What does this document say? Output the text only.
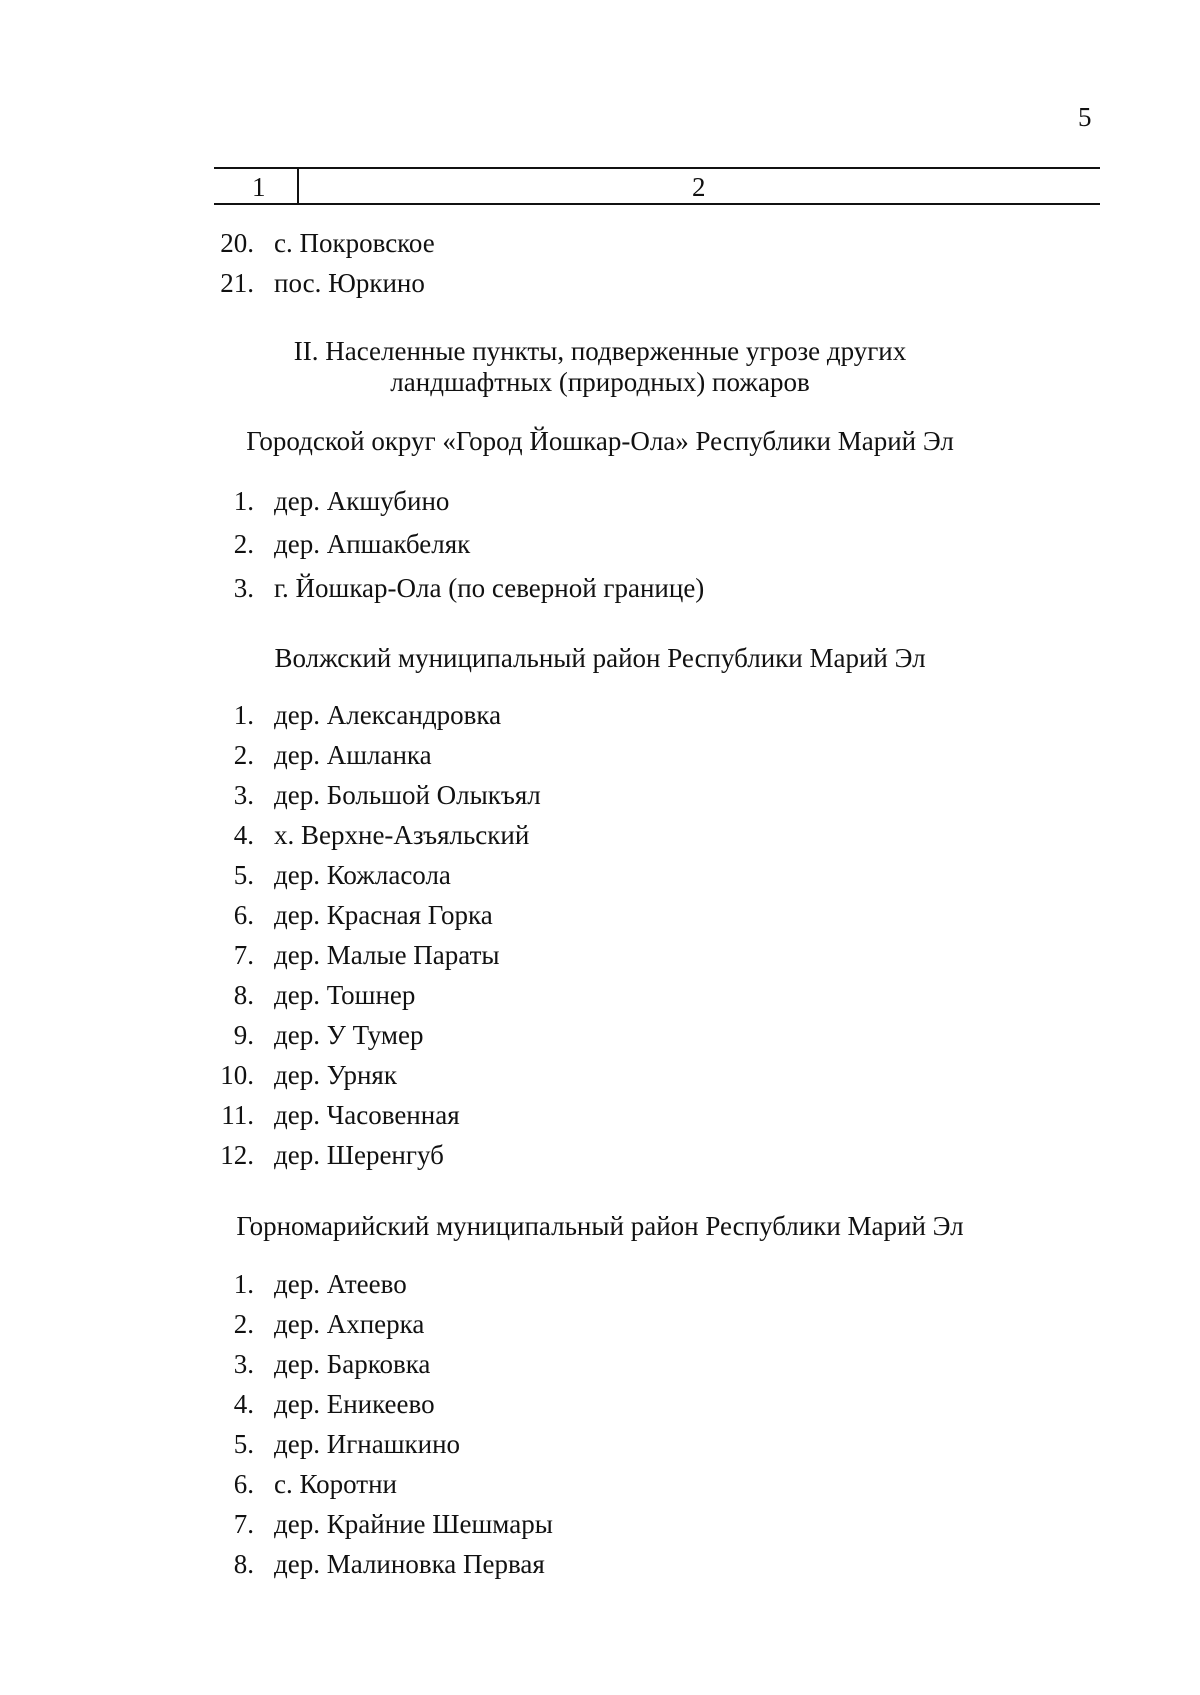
5
1	2
20. с. Покровское
21. пос. Юркино
II. Населенные пункты, подверженные угрозе других
ландшафтных (природных) пожаров
Городской округ «Город Йошкар-Ола» Республики Марий Эл
1. дер. Акшубино
2. дер. Апшакбеляк
3. г. Йошкар-Ола (по северной границе)
Волжский муниципальный район Республики Марий Эл
1. дер. Александровка
2. дер. Ашланка
3. дер. Большой Олыкъял
4. х. Верхне-Азъяльский
5. дер. Кожласола
6. дер. Красная Горка
7. дер. Малые Параты
8. дер. Тошнер
9. дер. У Тумер
10. дер. Урняк
11. дер. Часовенная
12. дер. Шеренгуб
Горномарийский муниципальный район Республики Марий Эл
1. дер. Атеево
2. дер. Ахперка
3. дер. Барковка
4. дер. Еникеево
5. дер. Игнашкино
6. с. Коротни
7. дер. Крайние Шешмары
8. дер. Малиновка Первая
